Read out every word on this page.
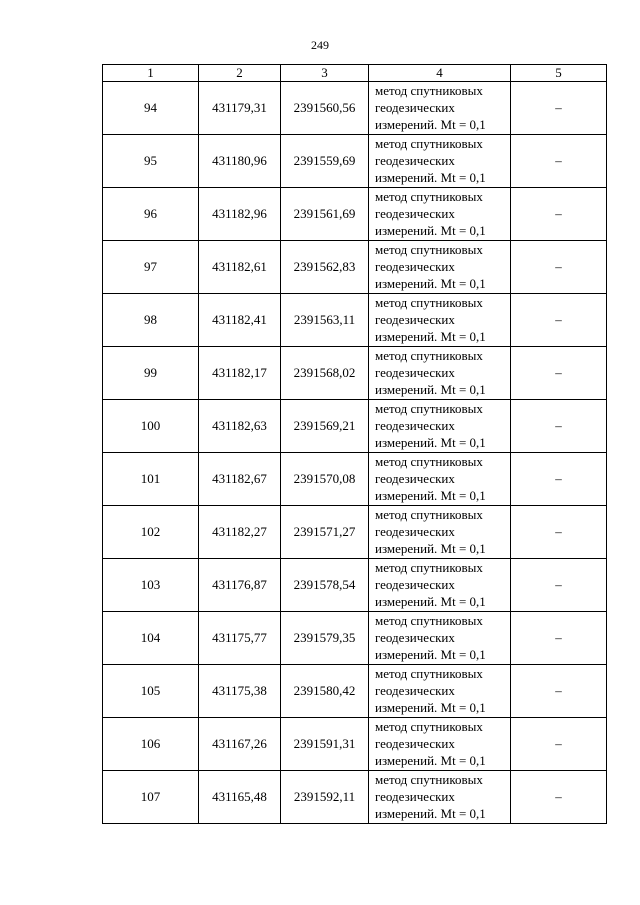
249
1	2	3	4	5
94	431179,31	2391560,56	метод спутниковых
геодезических
измерений. Mt = 0,1	–
95	431180,96	2391559,69	метод спутниковых
геодезических
измерений. Mt = 0,1	–
96	431182,96	2391561,69	метод спутниковых
геодезических
измерений. Mt = 0,1	–
97	431182,61	2391562,83	метод спутниковых
геодезических
измерений. Mt = 0,1	–
98	431182,41	2391563,11	метод спутниковых
геодезических
измерений. Mt = 0,1	–
99	431182,17	2391568,02	метод спутниковых
геодезических
измерений. Mt = 0,1	–
100	431182,63	2391569,21	метод спутниковых
геодезических
измерений. Mt = 0,1	–
101	431182,67	2391570,08	метод спутниковых
геодезических
измерений. Mt = 0,1	–
102	431182,27	2391571,27	метод спутниковых
геодезических
измерений. Mt = 0,1	–
103	431176,87	2391578,54	метод спутниковых
геодезических
измерений. Mt = 0,1	–
104	431175,77	2391579,35	метод спутниковых
геодезических
измерений. Mt = 0,1	–
105	431175,38	2391580,42	метод спутниковых
геодезических
измерений. Mt = 0,1	–
106	431167,26	2391591,31	метод спутниковых
геодезических
измерений. Mt = 0,1	–
107	431165,48	2391592,11	метод спутниковых
геодезических
измерений. Mt = 0,1	–
